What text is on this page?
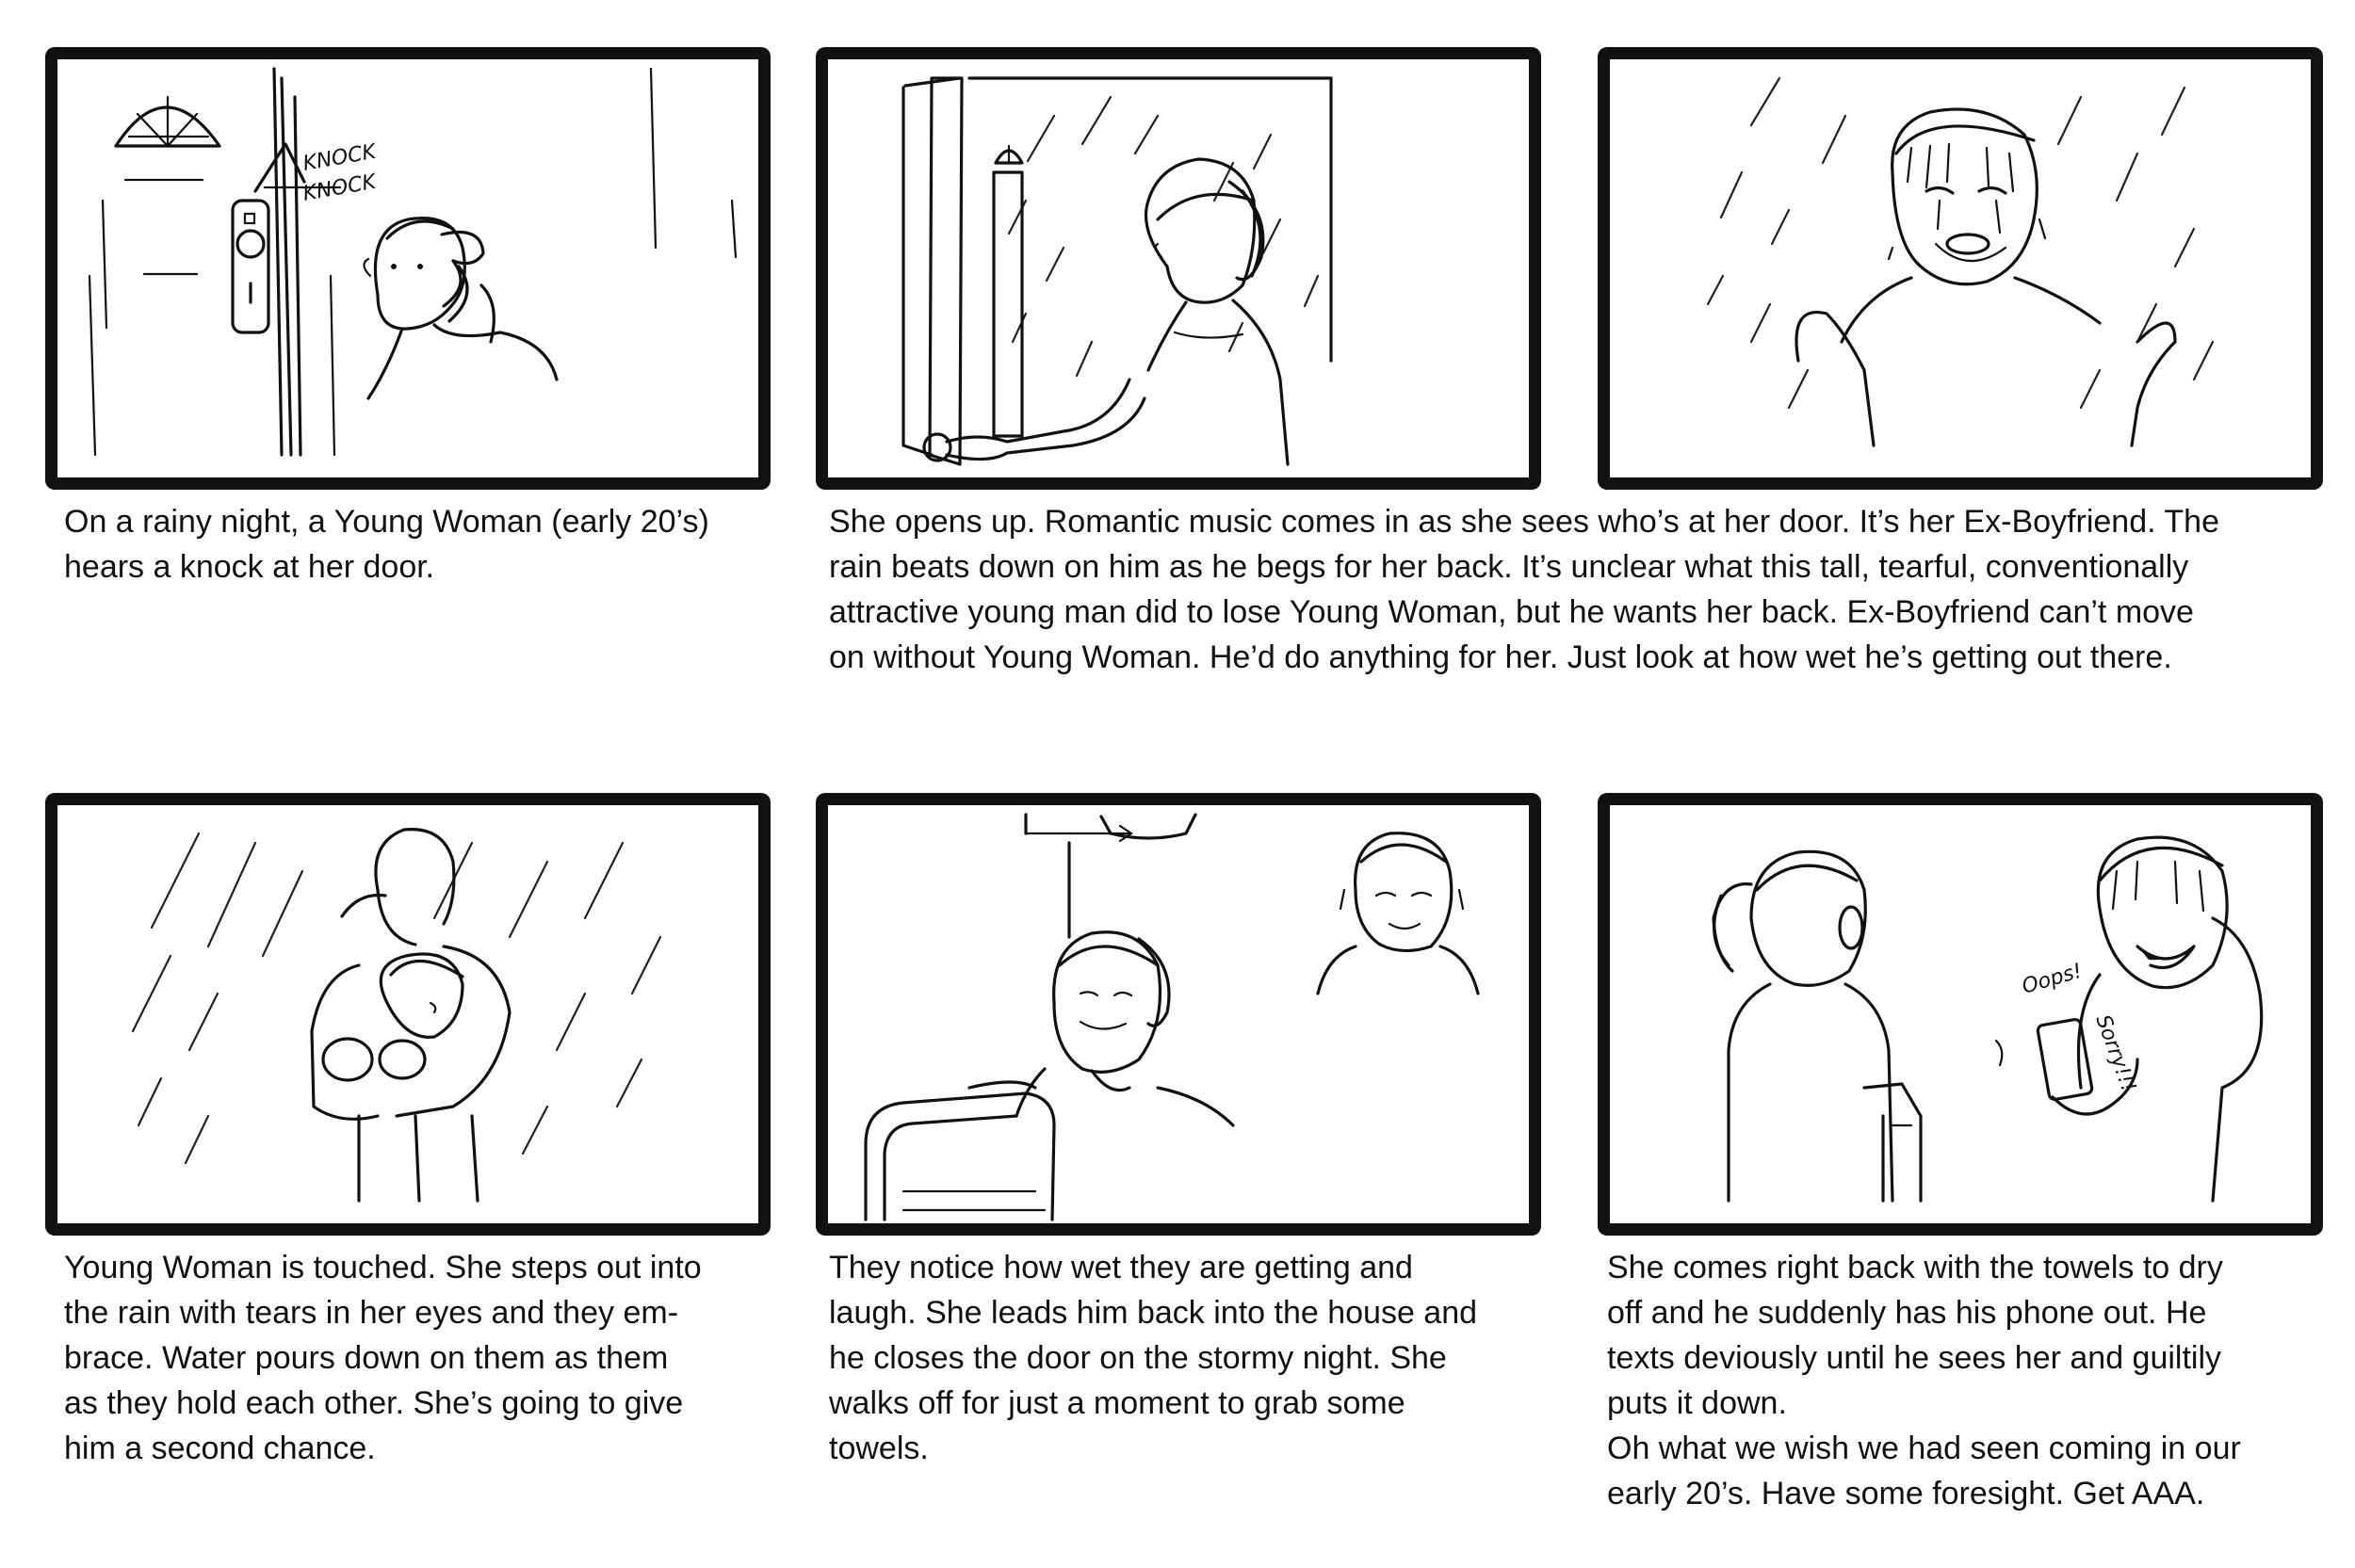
KNOCK
KNOCK
On a rainy night, a Young Woman (early 20’s)
hears a knock at her door.
She opens up. Romantic music comes in as she sees who’s at her door. It’s her Ex-Boyfriend. The
rain beats down on him as he begs for her back. It’s unclear what this tall, tearful, conventionally
attractive young man did to lose Young Woman, but he wants her back. Ex-Boyfriend can’t move
on without Young Woman. He’d do anything for her. Just look at how wet he’s getting out there.
Young Woman is touched. She steps out into
the rain with tears in her eyes and they em-
brace. Water pours down on them as them
as they hold each other. She’s going to give
him a second chance.
They notice how wet they are getting and
laugh. She leads him back into the house and
he closes the door on the stormy night. She
walks off for just a moment to grab some
towels.
Oops!
Sorry!!!
She comes right back with the towels to dry
off and he suddenly has his phone out. He
texts deviously until he sees her and guiltily
puts it down.
Oh what we wish we had seen coming in our
early 20’s. Have some foresight. Get AAA.
